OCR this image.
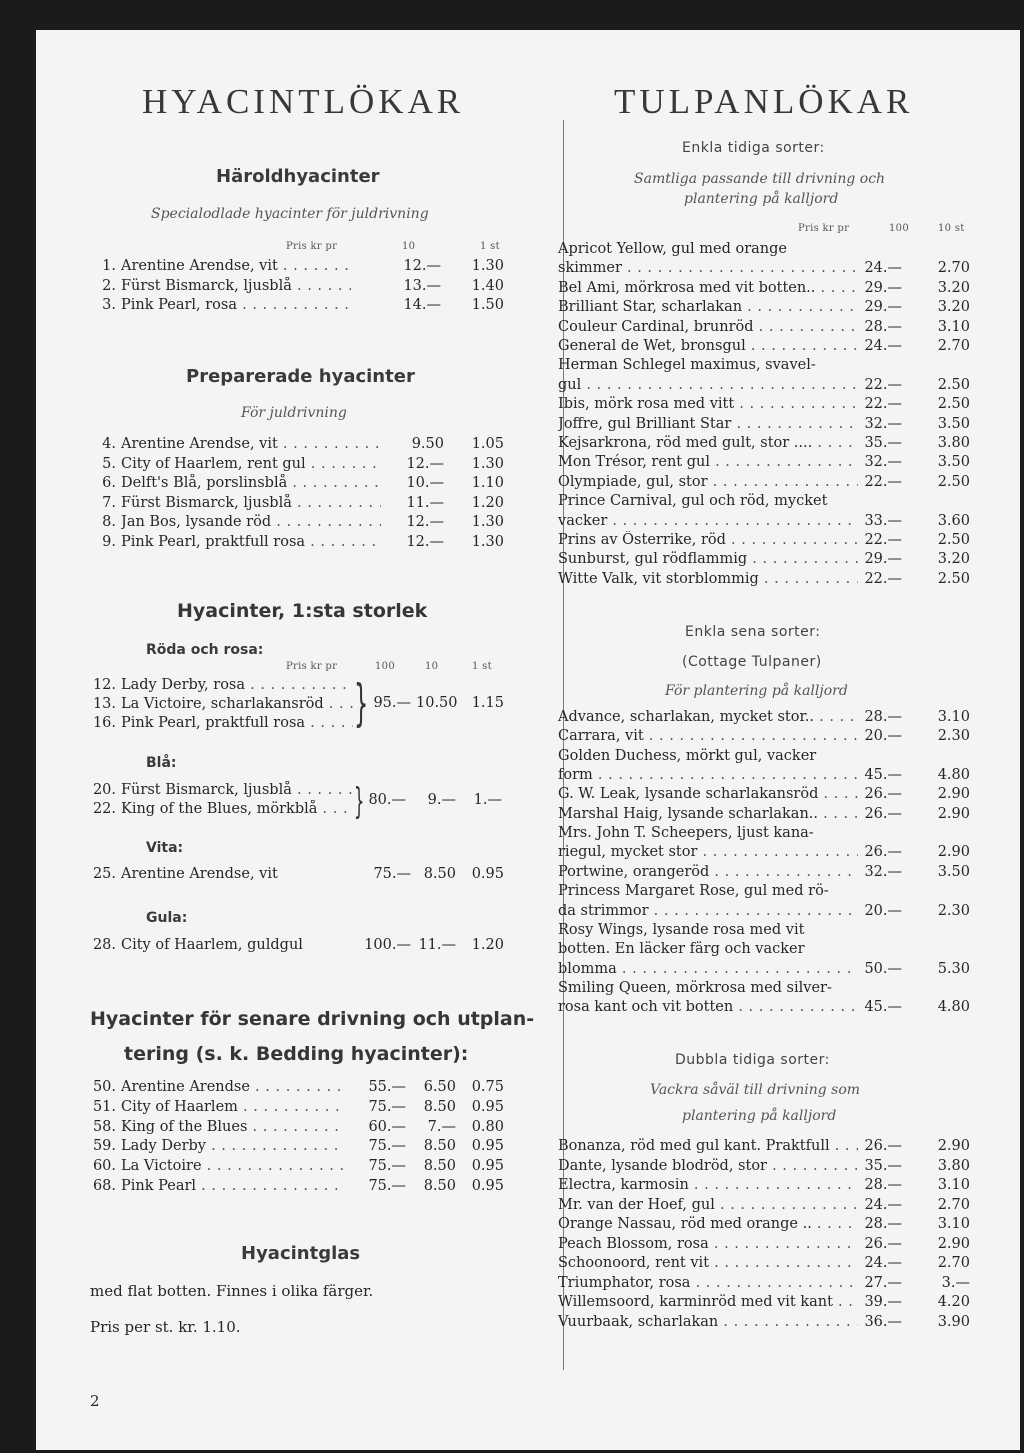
HYACINTLÖKAR
Häroldhyacinter
Specialodlade hyacinter för juldrivning
Pris kr pr	10	1 st
1. Arentine Arendse, vit . . .	12.—	1.30
2. Fürst Bismarck, ljusblå . . .	13.—	1.40
3. Pink Pearl, rosa . . .	14.—	1.50
Preparerade hyacinter
För juldrivning
4. Arentine Arendse, vit . . .	9.50	1.05
5. City of Haarlem, rent gul . . .	12.—	1.30
6. Delft's Blå, porslinsblå . . .	10.—	1.10
7. Fürst Bismarck, ljusblå . . .	11.—	1.20
8. Jan Bos, lysande röd . . .	12.—	1.30
9. Pink Pearl, praktfull rosa . . .	12.—	1.30
Hyacinter, 1:sta storlek
Röda och rosa:
Pris kr pr	100	10	1 st
12. Lady Derby, rosa . . .
13. La Victoire, scharlakansröd . . .
16. Pink Pearl, praktfull rosa . . . } 95.— 10.50 1.15
Blå:
20. Fürst Bismarck, ljusblå . . .
22. King of the Blues, mörkblå . . .	} 80.—	9.—	1.—
Vita:
25. Arentine Arendse, vit	75.— 8.50	0.95
Gula:
28. City of Haarlem, guldgul	100.— 11.—	1.20
Hyacinter för senare drivning och utplan-
tering (s. k. Bedding hyacinter):
50. Arentine Arendse . . .	55.—	6.50	0.75
51. City of Haarlem . . .	75.—	8.50	0.95
58. King of the Blues . . .	60.—	7.—	0.80
59. Lady Derby . . .	75.—	8.50	0.95
60. La Victoire . . .	75.—	8.50	0.95
68. Pink Pearl . . .	75.—	8.50	0.95
Hyacintglas
med flat botten. Finnes i olika färger.
Pris per st. kr. 1.10.
2
TULPANLÖKAR
Enkla tidiga sorter:
Samtliga passande till drivning och
plantering på kalljord
Pris kr pr	100	10 st
Apricot Yellow, gul med orange
skimmer . . .	24.—	2.70
Bel Ami, mörkrosa med vit botten.. . . .	29.—	3.20
Brilliant Star, scharlakan . . .	29.—	3.20
Couleur Cardinal, brunröd . . .	28.—	3.10
General de Wet, bronsgul . . .	24.—	2.70
Herman Schlegel maximus, svavel-
gul . . .	22.—	2.50
Ibis, mörk rosa med vitt . . .	22.—	2.50
Joffre, gul Brilliant Star . . .	32.—	3.50
Kejsarkrona, röd med gult, stor .... . . .	35.—	3.80
Mon Trésor, rent gul . . .	32.—	3.50
Olympiade, gul, stor . . .	22.—	2.50
Prince Carnival, gul och röd, mycket
vacker . . .	33.—	3.60
Prins av Österrike, röd . . .	22.—	2.50
Sunburst, gul rödflammig . . .	29.—	3.20
Witte Valk, vit storblommig . . .	22.—	2.50
Enkla sena sorter:
(Cottage Tulpaner)
För plantering på kalljord
Advance, scharlakan, mycket stor.. . . .	28.—	3.10
Carrara, vit . . .	20.—	2.30
Golden Duchess, mörkt gul, vacker
form . . .	45.—	4.80
G. W. Leak, lysande scharlakansröd . . .	26.—	2.90
Marshal Haig, lysande scharlakan.. . . .	26.—	2.90
Mrs. John T. Scheepers, ljust kana-
riegul, mycket stor . . .	26.—	2.90
Portwine, orangeröd . . .	32.—	3.50
Princess Margaret Rose, gul med rö-
da strimmor . . .	20.—	2.30
Rosy Wings, lysande rosa med vit
botten. En läcker färg och vacker
blomma . . .	50.—	5.30
Smiling Queen, mörkrosa med silver-
rosa kant och vit botten . . .	45.—	4.80
Dubbla tidiga sorter:
Vackra såväl till drivning som
plantering på kalljord
Bonanza, röd med gul kant. Praktfull . . .	26.—	2.90
Dante, lysande blodröd, stor . . .	35.—	3.80
Electra, karmosin . . .	28.—	3.10
Mr. van der Hoef, gul . . .	24.—	2.70
Orange Nassau, röd med orange .. . . .	28.—	3.10
Peach Blossom, rosa . . .	26.—	2.90
Schoonoord, rent vit . . .	24.—	2.70
Triumphator, rosa . . .	27.—	3.—
Willemsoord, karminröd med vit kant . . .	39.—	4.20
Vuurbaak, scharlakan . . .	36.—	3.90
